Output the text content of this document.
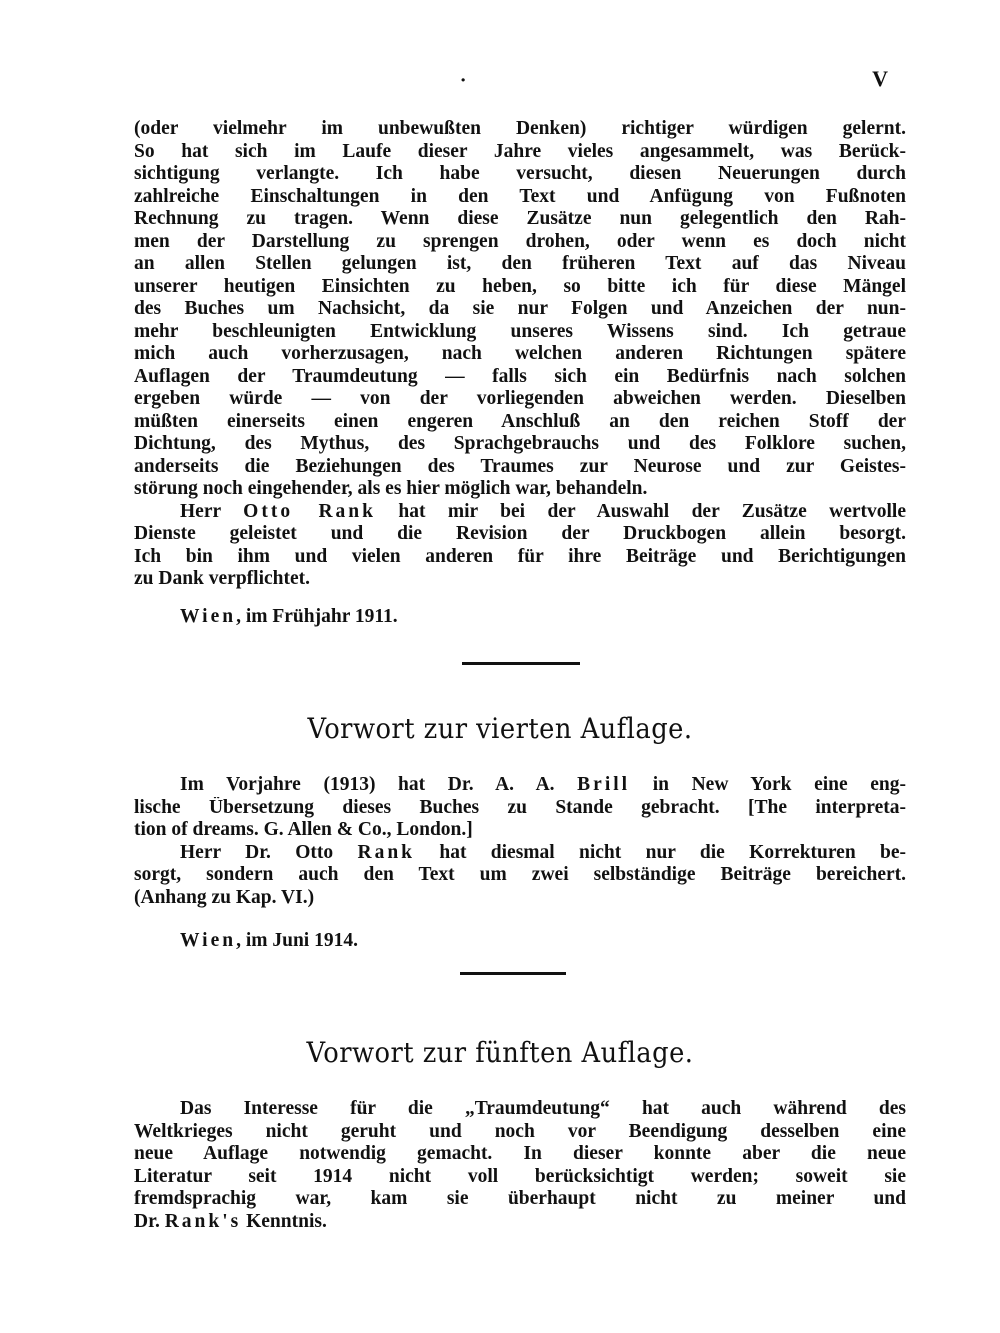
·	V
(oder vielmehr im unbewußten Denken) richtiger würdigen gelernt.
So hat sich im Laufe dieser Jahre vieles angesammelt, was Berück-
sichtigung verlangte. Ich habe versucht, diesen Neuerungen durch
zahlreiche Einschaltungen in den Text und Anfügung von Fußnoten
Rechnung zu tragen. Wenn diese Zusätze nun gelegentlich den Rah-
men der Darstellung zu sprengen drohen, oder wenn es doch nicht
an allen Stellen gelungen ist, den früheren Text auf das Niveau
unserer heutigen Einsichten zu heben, so bitte ich für diese Mängel
des Buches um Nachsicht, da sie nur Folgen und Anzeichen der nun-
mehr beschleunigten Entwicklung unseres Wissens sind. Ich getraue
mich auch vorherzusagen, nach welchen anderen Richtungen spätere
Auflagen der Traumdeutung — falls sich ein Bedürfnis nach solchen
ergeben würde — von der vorliegenden abweichen werden. Dieselben
müßten einerseits einen engeren Anschluß an den reichen Stoff der
Dichtung, des Mythus, des Sprachgebrauchs und des Folklore suchen,
anderseits die Beziehungen des Traumes zur Neurose und zur Geistes-
störung noch eingehender, als es hier möglich war, behandeln.
Herr Otto Rank hat mir bei der Auswahl der Zusätze wertvolle
Dienste geleistet und die Revision der Druckbogen allein besorgt.
Ich bin ihm und vielen anderen für ihre Beiträge und Berichtigungen
zu Dank verpflichtet.
Wien, im Frühjahr 1911.
Vorwort zur vierten Auflage.
Im Vorjahre (1913) hat Dr. A. A. Brill in New York eine eng-
lische Übersetzung dieses Buches zu Stande gebracht. [The interpreta-
tion of dreams. G. Allen & Co., London.]
Herr Dr. Otto Rank hat diesmal nicht nur die Korrekturen be-
sorgt, sondern auch den Text um zwei selbständige Beiträge bereichert.
(Anhang zu Kap. VI.)
Wien, im Juni 1914.
Vorwort zur fünften Auflage.
Das Interesse für die „Traumdeutung“ hat auch während des
Weltkrieges nicht geruht und noch vor Beendigung desselben eine
neue Auflage notwendig gemacht. In dieser konnte aber die neue
Literatur seit 1914 nicht voll berücksichtigt werden; soweit sie
fremdsprachig war, kam sie überhaupt nicht zu meiner und
Dr. Rank's Kenntnis.
